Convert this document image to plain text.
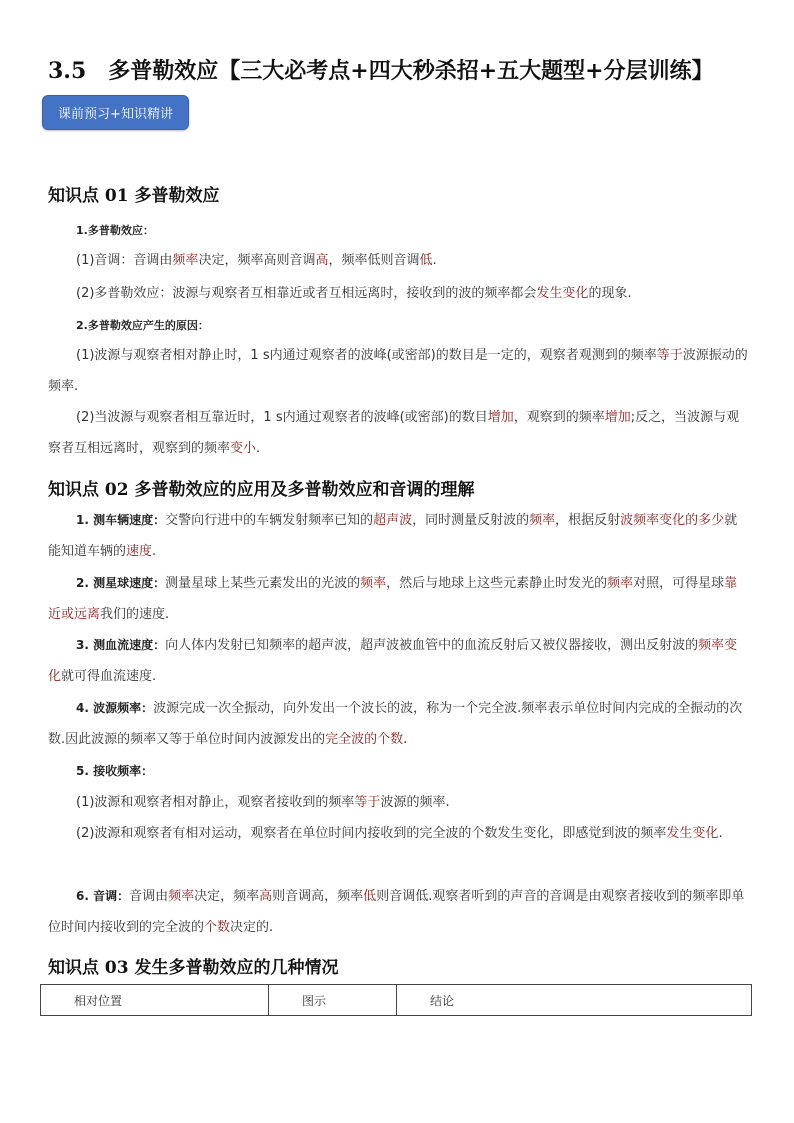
3.5 多普勒效应【三大必考点+四大秒杀招+五大题型+分层训练】
课前预习+知识精讲
知识点 01 多普勒效应
1.多普勒效应：
(1)音调：音调由频率决定，频率高则音调高，频率低则音调低.
(2)多普勒效应：波源与观察者互相靠近或者互相远离时，接收到的波的频率都会发生变化的现象.
2.多普勒效应产生的原因：
(1)波源与观察者相对静止时，1 s内通过观察者的波峰(或密部)的数目是一定的，观察者观测到的频率等于波源振动的频率.
(2)当波源与观察者相互靠近时，1 s内通过观察者的波峰(或密部)的数目增加，观察到的频率增加;反之，当波源与观察者互相远离时，观察到的频率变小.
知识点 02 多普勒效应的应用及多普勒效应和音调的理解
1. 测车辆速度：交警向行进中的车辆发射频率已知的超声波，同时测量反射波的频率，根据反射波频率变化的多少就能知道车辆的速度.
2. 测星球速度：测量星球上某些元素发出的光波的频率，然后与地球上这些元素静止时发光的频率对照，可得星球靠近或远离我们的速度.
3. 测血流速度：向人体内发射已知频率的超声波，超声波被血管中的血流反射后又被仪器接收，测出反射波的频率变化就可得血流速度.
4. 波源频率：波源完成一次全振动，向外发出一个波长的波，称为一个完全波.频率表示单位时间内完成的全振动的次数.因此波源的频率又等于单位时间内波源发出的完全波的个数.
5. 接收频率：
(1)波源和观察者相对静止，观察者接收到的频率等于波源的频率.
(2)波源和观察者有相对运动，观察者在单位时间内接收到的完全波的个数发生变化，即感觉到波的频率发生变化.
6. 音调：音调由频率决定，频率高则音调高，频率低则音调低.观察者听到的声音的音调是由观察者接收到的频率即单位时间内接收到的完全波的个数决定的.
知识点 03 发生多普勒效应的几种情况
相对位置	图示	结论
